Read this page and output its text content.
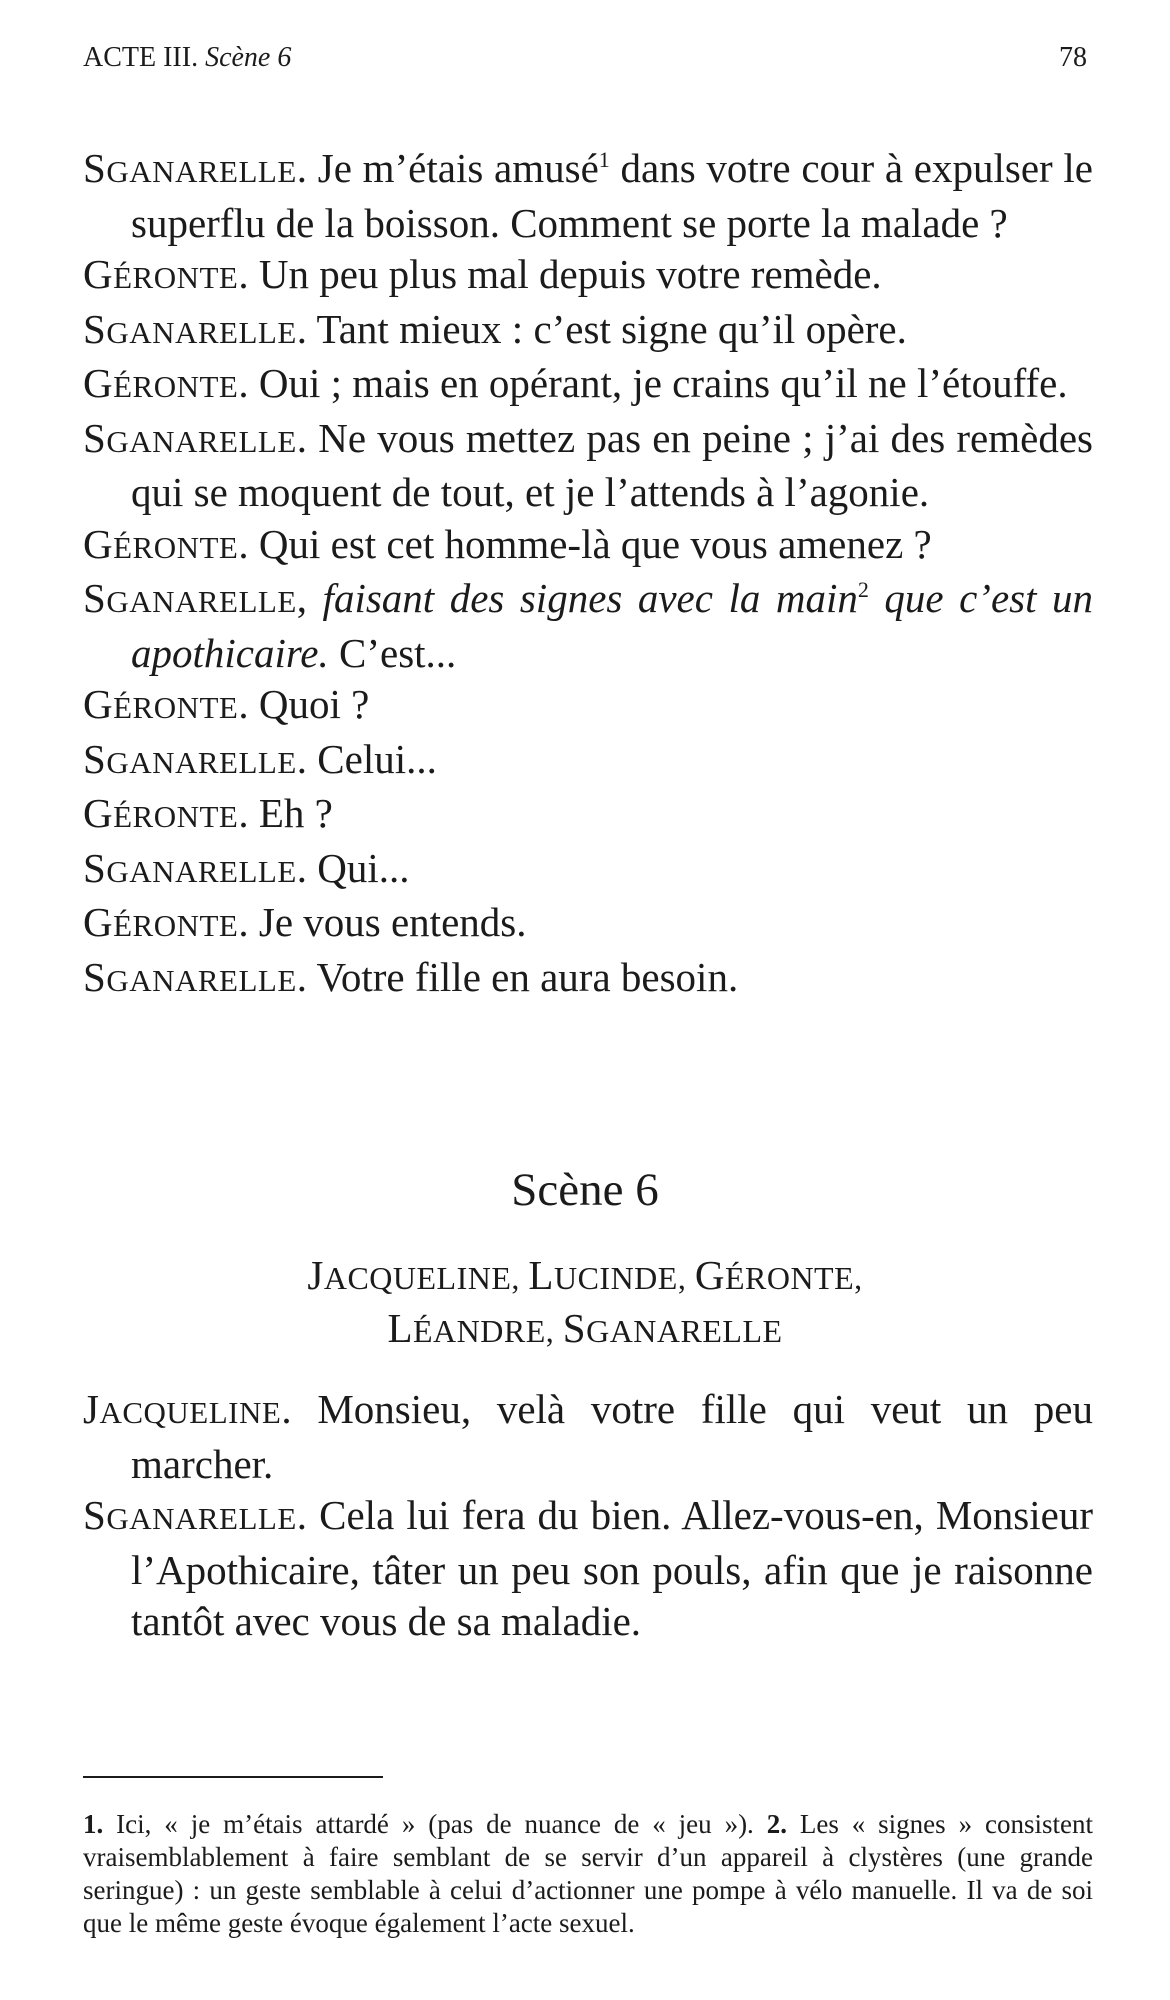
ACTE III. Scène 6	78
SGANARELLE. Je m’étais amusé$^1$ dans votre cour à expulser le superflu de la boisson. Comment se porte la malade ?
GÉRONTE. Un peu plus mal depuis votre remède.
SGANARELLE. Tant mieux : c’est signe qu’il opère.
GÉRONTE. Oui ; mais en opérant, je crains qu’il ne l’étouffe.
SGANARELLE. Ne vous mettez pas en peine ; j’ai des remèdes qui se moquent de tout, et je l’attends à l’agonie.
GÉRONTE. Qui est cet homme-là que vous amenez ?
SGANARELLE, faisant des signes avec la main$^2$ que c’est un apothicaire. C’est...
GÉRONTE. Quoi ?
SGANARELLE. Celui...
GÉRONTE. Eh ?
SGANARELLE. Qui...
GÉRONTE. Je vous entends.
SGANARELLE. Votre fille en aura besoin.
Scène 6
JACQUELINE, LUCINDE, GÉRONTE,
LÉANDRE, SGANARELLE
JACQUELINE. Monsieu, velà votre fille qui veut un peu marcher.
SGANARELLE. Cela lui fera du bien. Allez-vous-en, Monsieur l’Apothicaire, tâter un peu son pouls, afin que je raisonne tantôt avec vous de sa maladie.
1. Ici, « je m’étais attardé » (pas de nuance de « jeu »). 2. Les « signes » consistent vraisemblablement à faire semblant de se servir d’un appareil à clystères (une grande seringue) : un geste semblable à celui d’actionner une pompe à vélo manuelle. Il va de soi que le même geste évoque également l’acte sexuel.
